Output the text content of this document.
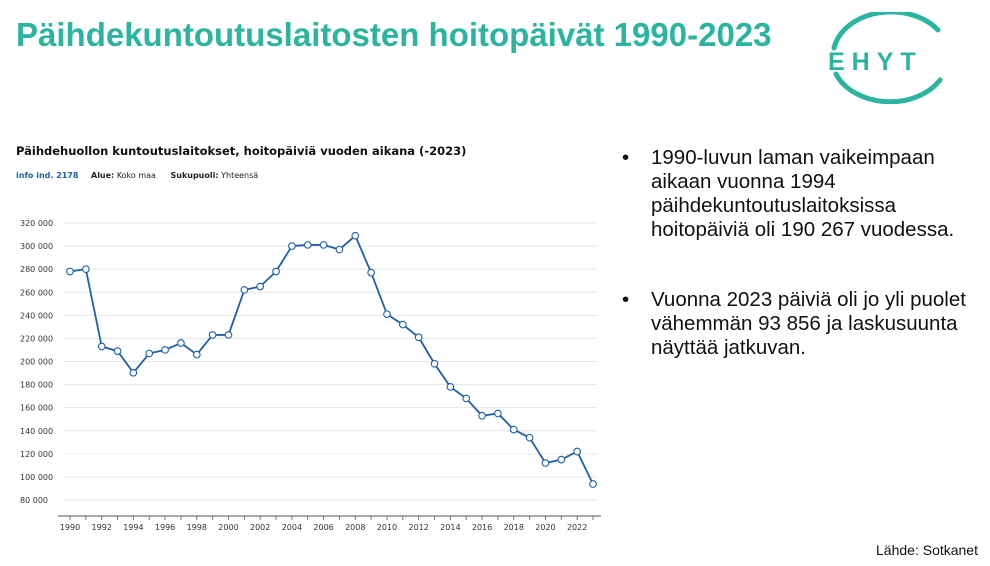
Päihdekuntoutuslaitosten hoitopäivät 1990-2023
EHYT
Päihdehuollon kuntoutuslaitokset, hoitopäiviä vuoden aikana (-2023)
info ind. 2178 Alue: Koko maa Sukupuoli: Yhteensä
80 000
100 000
120 000
140 000
160 000
180 000
200 000
220 000
240 000
260 000
280 000
300 000
320 000
1990 1992 1994 1996 1998 2000 2002 2004 2006 2008 2010 2012 2014 2016 2018 2020 2022
• 1990-luvun laman vaikeimpaan aikaan vuonna 1994 päihdekuntoutuslaitoksissa hoitopäiviä oli 190 267 vuodessa.
• Vuonna 2023 päiviä oli jo yli puolet vähemmän 93 856 ja laskusuunta näyttää jatkuvan.
Lähde: Sotkanet
